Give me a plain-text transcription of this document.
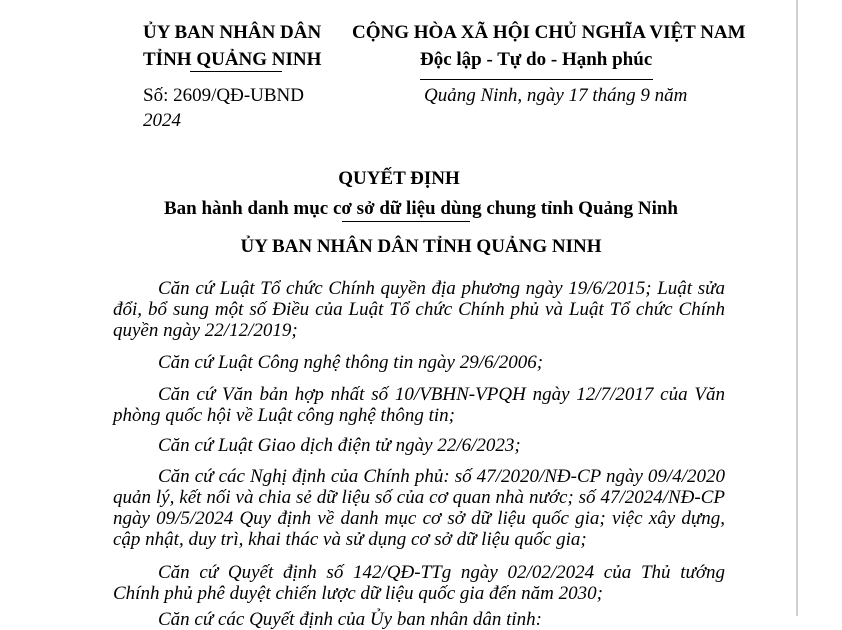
ỦY BAN NHÂN DÂN
TỈNH QUẢNG NINH
CỘNG HÒA XÃ HỘI CHỦ NGHĨA VIỆT NAM
Độc lập - Tự do - Hạnh phúc
Số: 2609/QĐ-UBND
2024
Quảng Ninh, ngày 17 tháng 9 năm
QUYẾT ĐỊNH
Ban hành danh mục cơ sở dữ liệu dùng chung tỉnh Quảng Ninh
ỦY BAN NHÂN DÂN TỈNH QUẢNG NINH

Căn cứ Luật Tổ chức Chính quyền địa phương ngày 19/6/2015; Luật sửa đổi, bổ sung một số Điều của Luật Tổ chức Chính phủ và Luật Tổ chức Chính quyền ngày 22/12/2019;

Căn cứ Luật Công nghệ thông tin ngày 29/6/2006;

Căn cứ Văn bản hợp nhất số 10/VBHN-VPQH ngày 12/7/2017 của Văn phòng quốc hội về Luật công nghệ thông tin;

Căn cứ Luật Giao dịch điện tử ngày 22/6/2023;

Căn cứ các Nghị định của Chính phủ: số 47/2020/NĐ-CP ngày 09/4/2020 quản lý, kết nối và chia sẻ dữ liệu số của cơ quan nhà nước; số 47/2024/NĐ-CP ngày 09/5/2024 Quy định về danh mục cơ sở dữ liệu quốc gia; việc xây dựng, cập nhật, duy trì, khai thác và sử dụng cơ sở dữ liệu quốc gia;

Căn cứ Quyết định số 142/QĐ-TTg ngày 02/02/2024 của Thủ tướng Chính phủ phê duyệt chiến lược dữ liệu quốc gia đến năm 2030;

Căn cứ các Quyết định của Ủy ban nhân dân tỉnh:
